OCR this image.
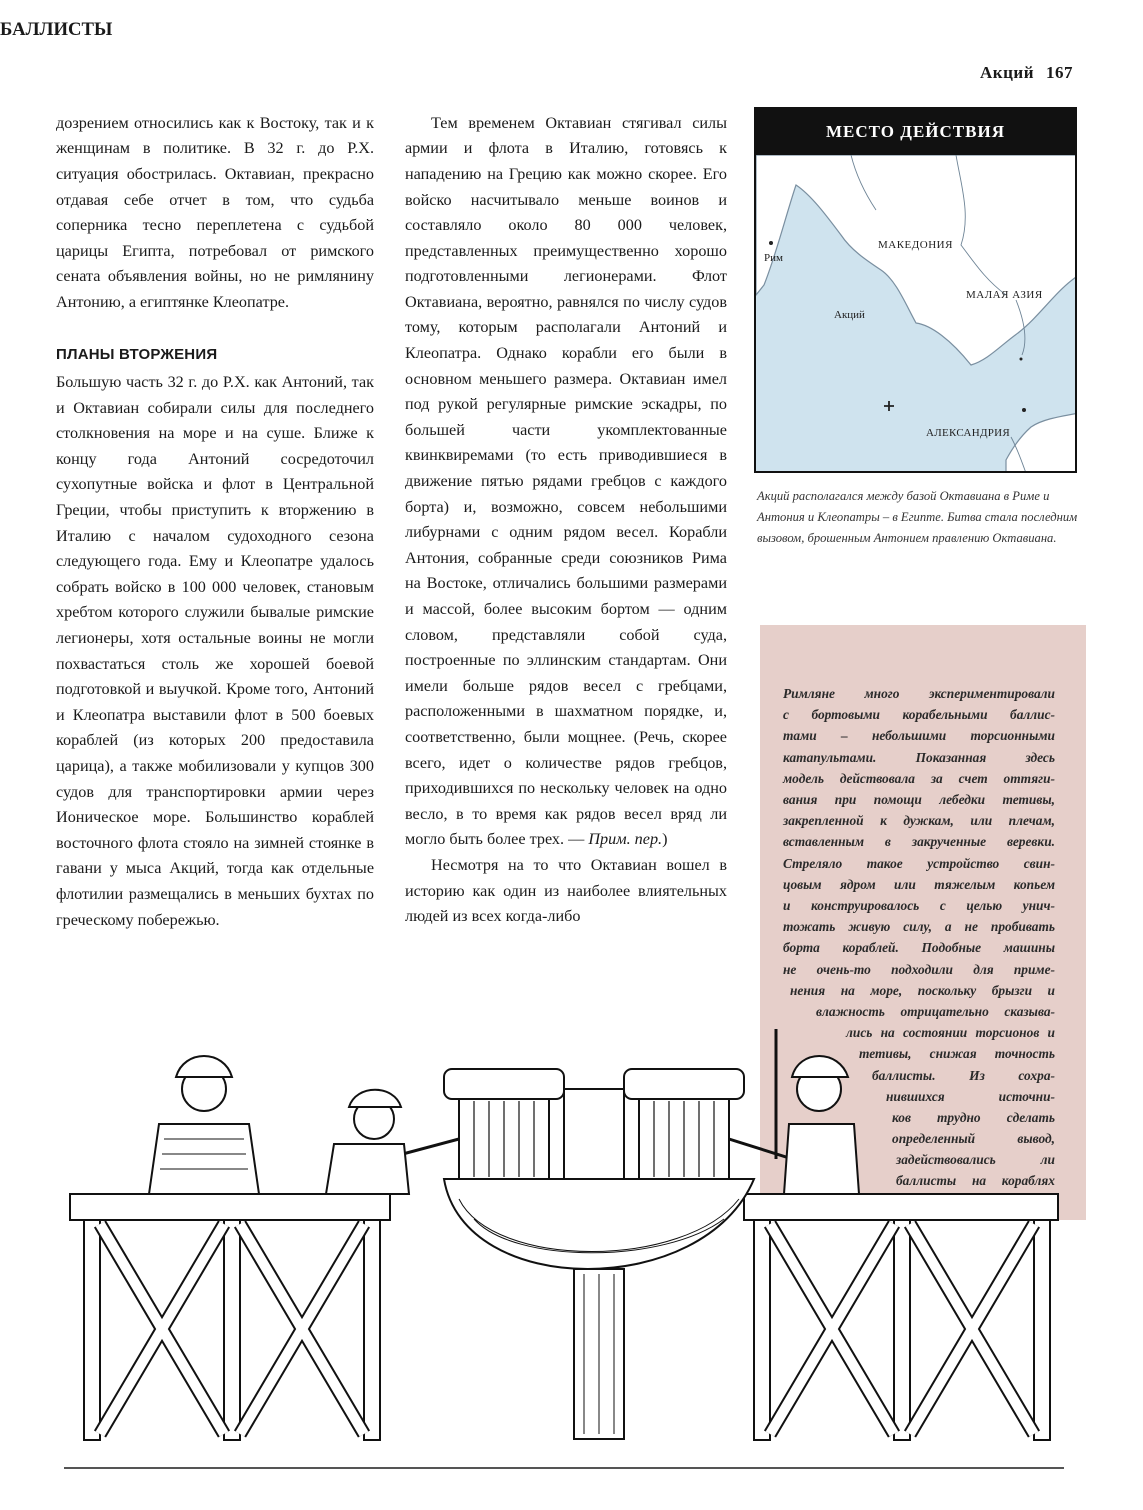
Акций 167

дозрением относились как к Востоку, так и к женщинам в политике. В 32 г. до Р.Х. ситуация обострилась. Октавиан, прекрасно отдавая себе отчет в том, что судьба соперника тесно переплетена с судьбой царицы Египта, потребовал от римского сената объявления войны, но не римлянину Антонию, а египтянке Клеопатре.

ПЛАНЫ ВТОРЖЕНИЯ

Большую часть 32 г. до Р.Х. как Антоний, так и Октавиан собирали силы для последнего столкновения на море и на суше. Ближе к концу года Антоний сосредоточил сухопутные войска и флот в Центральной Греции, чтобы приступить к вторжению в Италию с началом судоходного сезона следующего года. Ему и Клеопатре удалось собрать войско в 100 000 человек, становым хребтом которого служили бывалые римские легионеры, хотя остальные воины не могли похвастаться столь же хорошей боевой подготовкой и выучкой. Кроме того, Антоний и Клеопатра выставили флот в 500 боевых кораблей (из которых 200 предоставила царица), а также мобилизовали у купцов 300 судов для транспортировки армии через Ионическое море. Большинство кораблей восточного флота стояло на зимней стоянке в гавани у мыса Акций, тогда как отдельные флотилии размещались в меньших бухтах по греческому побережью.

Тем временем Октавиан стягивал силы армии и флота в Италию, готовясь к нападению на Грецию как можно скорее. Его войско насчитывало меньше воинов и составляло около 80 000 человек, представленных преимущественно хорошо подготовленными легионерами. Флот Октавиана, вероятно, равнялся по числу судов тому, которым располагали Антоний и Клеопатра. Однако корабли его были в основном меньшего размера. Октавиан имел под рукой регулярные римские эскадры, по большей части укомплектованные квинквиремами (то есть приводившиеся в движение пятью рядами гребцов с каждого борта) и, возможно, совсем небольшими либурнами с одним рядом весел. Корабли Антония, собранные среди союзников Рима на Востоке, отличались большими размерами и массой, более высоким бортом — одним словом, представляли собой суда, построенные по эллинским стандартам. Они имели больше рядов весел с гребцами, расположенными в шахматном порядке, и, соответственно, были мощнее. (Речь, скорее всего, идет о количестве рядов гребцов, приходившихся по нескольку человек на одно весло, в то время как рядов весел вряд ли могло быть более трех. — Прим. пер.)

Несмотря на то что Октавиан вошел в историю как один из наиболее влиятельных людей из всех когда-либо

МЕСТО ДЕЙСТВИЯ
Рим
МАКЕДОНИЯ
МАЛАЯ АЗИЯ
Акций
АЛЕКСАНДРИЯ
Акций располагался между базой Октавиана в Риме и Антония и Клеопатры – в Египте. Битва стала последним вызовом, брошенным Антонием правлению Октавиана.
БАЛЛИСТЫ
Римляне много экспериментировали
с бортовыми корабельными баллис-
тами – небольшими торсионными
катапультами. Показанная здесь
модель действовала за счет оттяги-
вания при помощи лебедки тетивы,
закрепленной к дужкам, или плечам,
вставленным в закрученные веревки.
Стреляло такое устройство свин-
цовым ядром или тяжелым копьем
и конструировалось с целью унич-
тожать живую силу, а не пробивать
борта кораблей. Подобные машины
не очень-то подходили для приме-
нения на море, поскольку брызги и
влажность отрицательно сказыва-
лись на состоянии торсионов и
тетивы, снижая точность
баллисты. Из сохра-
нившихся источни-
ков трудно сделать
определенный вывод,
задействовались ли
баллисты на кораблях
